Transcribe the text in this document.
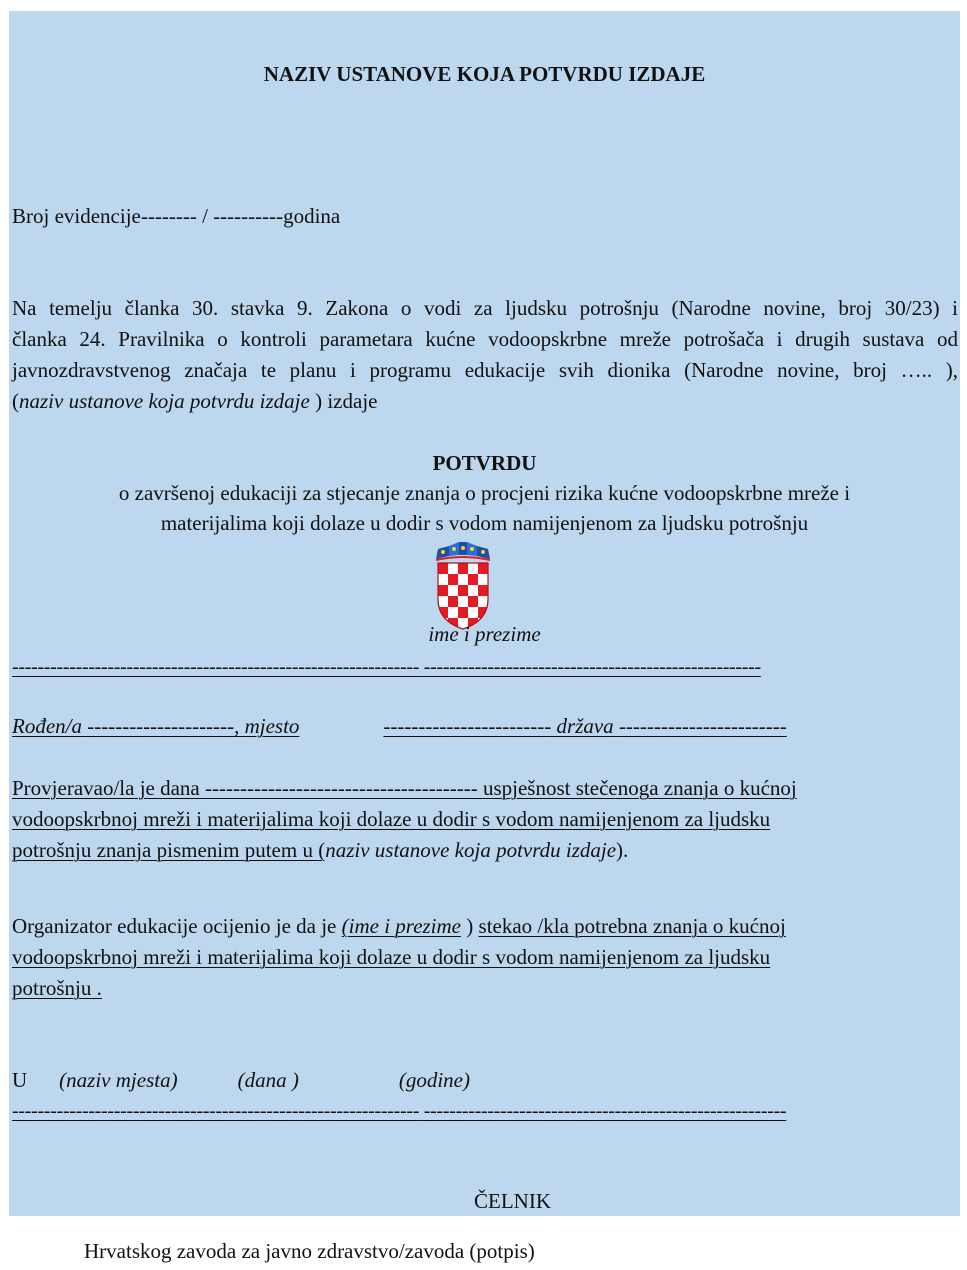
NAZIV USTANOVE KOJA POTVRDU IZDAJE
Broj evidencije-------- / ----------godina
Na temelju članka 30. stavka 9. Zakona o vodi za ljudsku potrošnju (Narodne novine, broj 30/23) i
članka 24. Pravilnika o kontroli parametara kućne vodoopskrbne mreže potrošača i drugih sustava od
javnozdravstvenog značaja te planu i programu edukacije svih dionika (Narodne novine, broj ….. ),
(naziv ustanove koja potvrdu izdaje ) izdaje
POTVRDU
o završenoj edukaciji za stjecanje znanja o procjeni rizika kućne vodoopskrbne mreže i
materijalima koji dolaze u dodir s vodom namijenjenom za ljudsku potrošnju
ime i prezime
---------------------------------------------------------------- -----------------------------------------------------
Rođen/a ---------------------, mjesto	------------------------ država ------------------------
Provjeravao/la je dana --------------------------------------- uspješnost stečenoga znanja o kućnoj
vodoopskrbnoj mreži i materijalima koji dolaze u dodir s vodom namijenjenom za ljudsku
potrošnju znanja pismenim putem u (naziv ustanove koja potvrdu izdaje).
Organizator edukacije ocijenio je da je (ime i prezime ) stekao /kla potrebna znanja o kućnoj
vodoopskrbnoj mreži i materijalima koji dolaze u dodir s vodom namijenjenom za ljudsku
potrošnju .
U (naziv mjesta)	(dana )	(godine)
---------------------------------------------------------------- ---------------------------------------------------------
ČELNIK
Hrvatskog zavoda za javno zdravstvo/zavoda (potpis)
